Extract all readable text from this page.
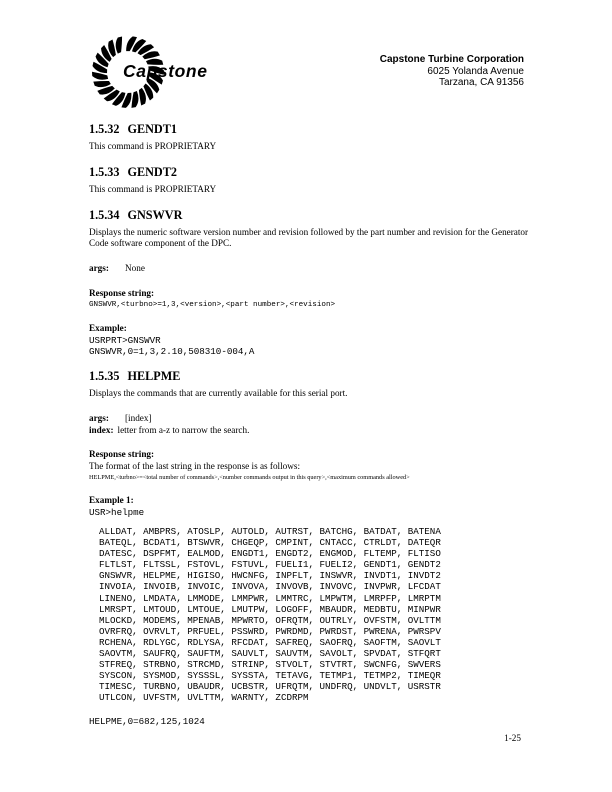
Capstone
Capstone Turbine Corporation
6025 Yolanda Avenue
Tarzana, CA 91356
1.5.32 GENDT1

This command is PROPRIETARY

1.5.33 GENDT2

This command is PROPRIETARY

1.5.34 GNSWVR

Displays the numeric software version number and revision followed by the part number and revision for the Generator Code software component of the DPC.

args: None
Response string:
GNSWVR,<turbno>=1,3,<version>,<part number>,<revision>
Example:
USRPRT>GNSWVR
GNSWVR,0=1,3,2.10,508310-004,A
1.5.35 HELPME

Displays the commands that are currently available for this serial port.

args: [index]
index: letter from a-z to narrow the search.
Response string:

The format of the last string in the response is as follows:

HELPME,<turbno>=<total number of commands>,<number commands output in this query>,<maximum commands allowed>
Example 1:
USR>helpme
ALLDAT, AMBPRS, ATOSLP, AUTOLD, AUTRST, BATCHG, BATDAT, BATENA
BATEQL, BCDAT1, BTSWVR, CHGEQP, CMPINT, CNTACC, CTRLDT, DATEQR
DATESC, DSPFMT, EALMOD, ENGDT1, ENGDT2, ENGMOD, FLTEMP, FLTISO
FLTLST, FLTSSL, FSTOVL, FSTUVL, FUELI1, FUELI2, GENDT1, GENDT2
GNSWVR, HELPME, HIGISO, HWCNFG, INPFLT, INSWVR, INVDT1, INVDT2
INVOIA, INVOIB, INVOIC, INVOVA, INVOVB, INVOVC, INVPWR, LFCDAT
LINENO, LMDATA, LMMODE, LMMPWR, LMMTRC, LMPWTM, LMRPFP, LMRPTM
LMRSPT, LMTOUD, LMTOUE, LMUTPW, LOGOFF, MBAUDR, MEDBTU, MINPWR
MLOCKD, MODEMS, MPENAB, MPWRTO, OFRQTM, OUTRLY, OVFSTM, OVLTTM
OVRFRQ, OVRVLT, PRFUEL, PSSWRD, PWRDMD, PWRDST, PWRENA, PWRSPV
RCHENA, RDLYGC, RDLYSA, RFCDAT, SAFREQ, SAOFRQ, SAOFTM, SAOVLT
SAOVTM, SAUFRQ, SAUFTM, SAUVLT, SAUVTM, SAVOLT, SPVDAT, STFQRT
STFREQ, STRBNO, STRCMD, STRINP, STVOLT, STVTRT, SWCNFG, SWVERS
SYSCON, SYSMOD, SYSSSL, SYSSTA, TETAVG, TETMP1, TETMP2, TIMEQR
TIMESC, TURBNO, UBAUDR, UCBSTR, UFRQTM, UNDFRQ, UNDVLT, USRSTR
UTLCON, UVFSTM, UVLTTM, WARNTY, ZCDRPM
HELPME,0=682,125,1024
1-25
